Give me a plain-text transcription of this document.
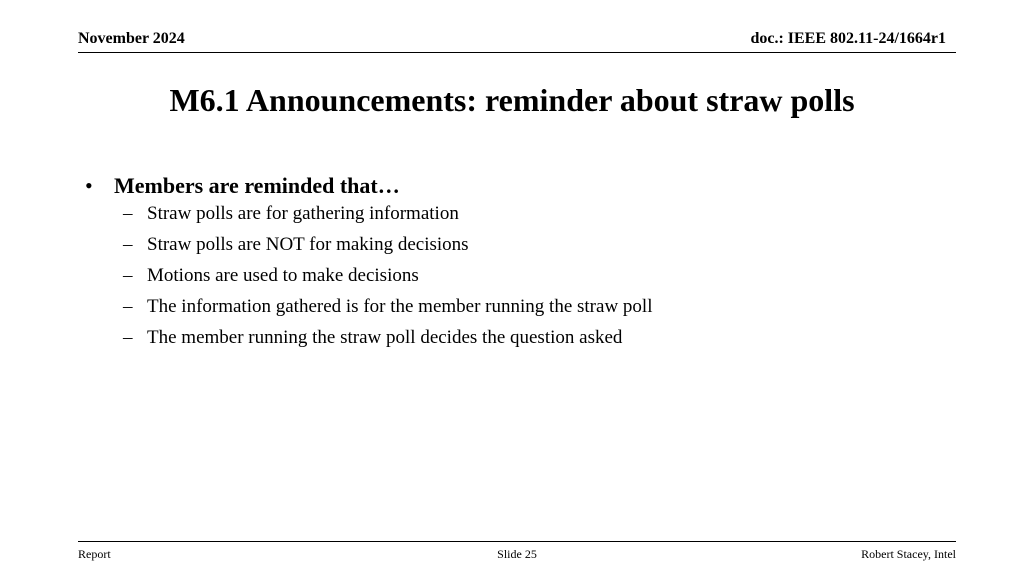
November 2024	doc.: IEEE 802.11-24/1664r1
M6.1 Announcements: reminder about straw polls
• Members are reminded that…
– Straw polls are for gathering information
– Straw polls are NOT for making decisions
– Motions are used to make decisions
– The information gathered is for the member running the straw poll
– The member running the straw poll decides the question asked
Report	Slide 25	Robert Stacey, Intel
